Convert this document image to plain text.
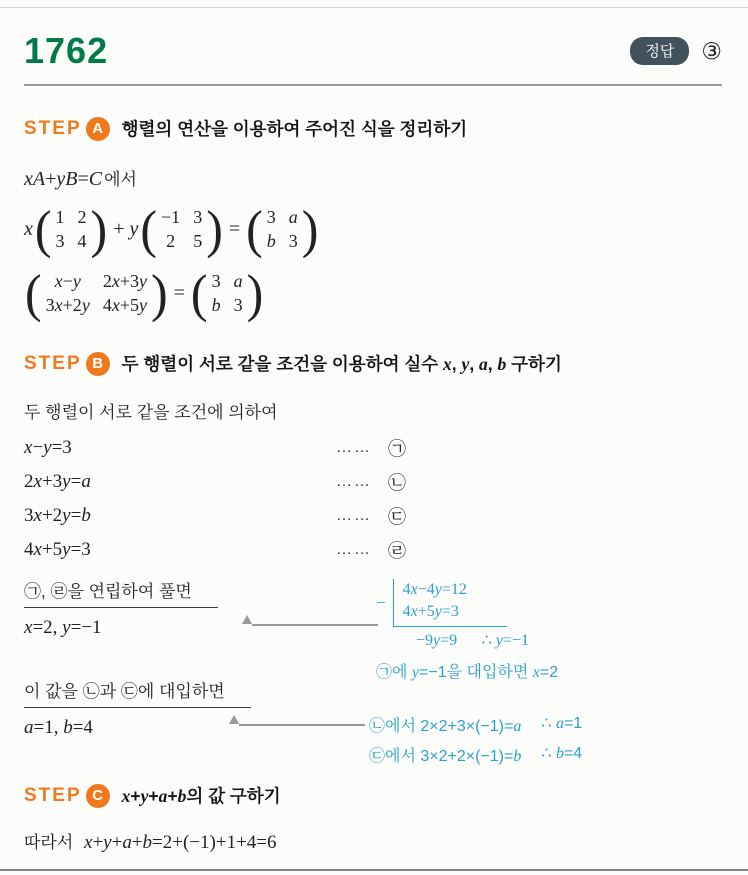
1762	정답	③
STEP A	행렬의 연산을 이용하여 주어진 식을 정리하기
xA+yB=C 에서
x ( 1 2
3 4 ) + y ( −1 3
2 5 ) = ( 3 a
b 3 )
( x−y	2x+3y
3x+2y 4x+5y ) = ( 3 a
b 3 )
STEP B	두 행렬이 서로 같을 조건을 이용하여 실수 x, y, a, b 구하기
두 행렬이 서로 같을 조건에 의하여
x−y=3	…… ㉠
2x+3y=a	…… ㉡
3x+2y=b	…… ㉢
4x+5y=3	…… ㉣
㉠, ㉣을 연립하여 풀면
x=2, y=−1
−
4x−4y=12
4x+5y=3
−9y=9 ∴ y=−1
㉠에 y=−1을 대입하면 x=2
이 값을 ㉡과 ㉢에 대입하면
a=1, b=4	㉡에서 2×2+3×(−1)=a ∴ a=1
㉢에서 3×2+2×(−1)=b ∴ b=4
STEP C	x+y+a+b의 값 구하기
따라서 x+y+a+b=2+(−1)+1+4=6
